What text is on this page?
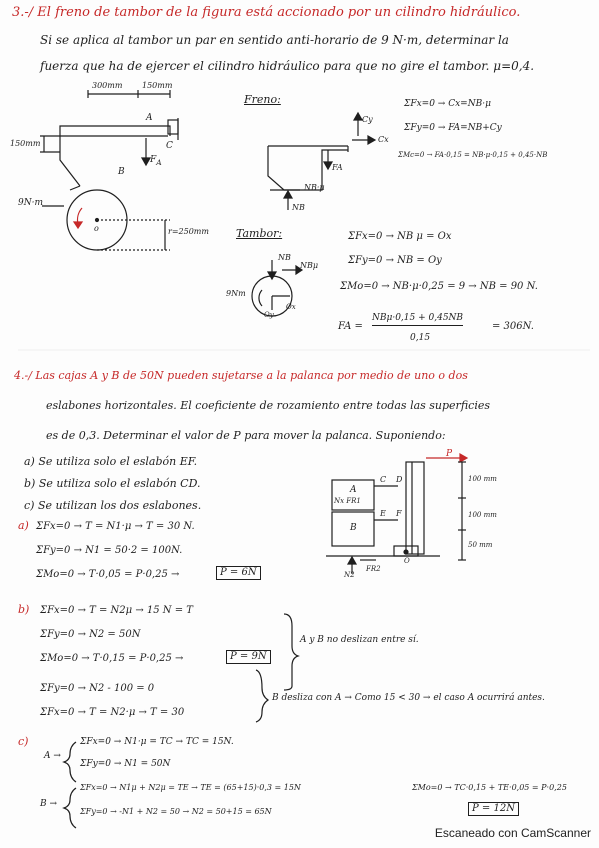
3.-/ El freno de tambor de la figura está accionado por un cilindro hidráulico.
Si se aplica al tambor un par en sentido anti-horario de 9 N·m, determinar la
fuerza que ha de ejercer el cilindro hidráulico para que no gire el tambor. μ=0,4.
300mm 150mm
150mm
r=250mm
9N·m
A
B
C
$F_A$
o
Freno:
Cy
Cx
FA
NB
NB·μ
ΣFx=0 → Cx=NB·μ
ΣFy=0 → FA=NB+Cy
ΣMc=0 → FA·0,15 = NB·μ·0,15 + 0,45·NB
Tambor:
NB
NBμ
9Nm
Oy
Ox
ΣFx=0 → NB μ = Ox
ΣFy=0 → NB = Oy
ΣMo=0 → NB·μ·0,25 = 9 → NB = 90 N.
FA =
NBμ·0,15 + 0,45NB
0,15
= 306N.
4.-/ Las cajas A y B de 50N pueden sujetarse a la palanca por medio de uno o dos
eslabones horizontales. El coeficiente de rozamiento entre todas las superficies
es de 0,3. Determinar el valor de P para mover la palanca. Suponiendo:
a) Se utiliza solo el eslabón EF.
b) Se utiliza solo el eslabón CD.
c) Se utilizan los dos eslabones.
P
A
B
C D
E F
O
100 mm
100 mm
50 mm
N2
FR2
Nx FR1
a) ΣFx=0 → T = N1·μ → T = 30 N.
ΣFy=0 → N1 = 50·2 = 100N.
ΣMo=0 → T·0,05 = P·0,25 →	P = 6N
b) ΣFx=0 → T = N2μ → 15 N = T
ΣFy=0 → N2 = 50N
ΣMo=0 → T·0,15 = P·0,25 →	P = 9N
A y B no deslizan entre sí.
ΣFy=0 → N2 - 100 = 0
ΣFx=0 → T = N2·μ → T = 30
B desliza con A → Como 15 < 30 → el caso A ocurrirá antes.
c)
A →
ΣFx=0 → N1·μ = TC → TC = 15N.
ΣFy=0 → N1 = 50N
B →
ΣFx=0 → N1μ + N2μ = TE → TE = (65+15)·0,3 = 15N
ΣFy=0 → -N1 + N2 = 50 → N2 = 50+15 = 65N
ΣMo=0 → TC·0,15 + TE·0,05 = P·0,25
P = 12N
Escaneado con CamScanner
